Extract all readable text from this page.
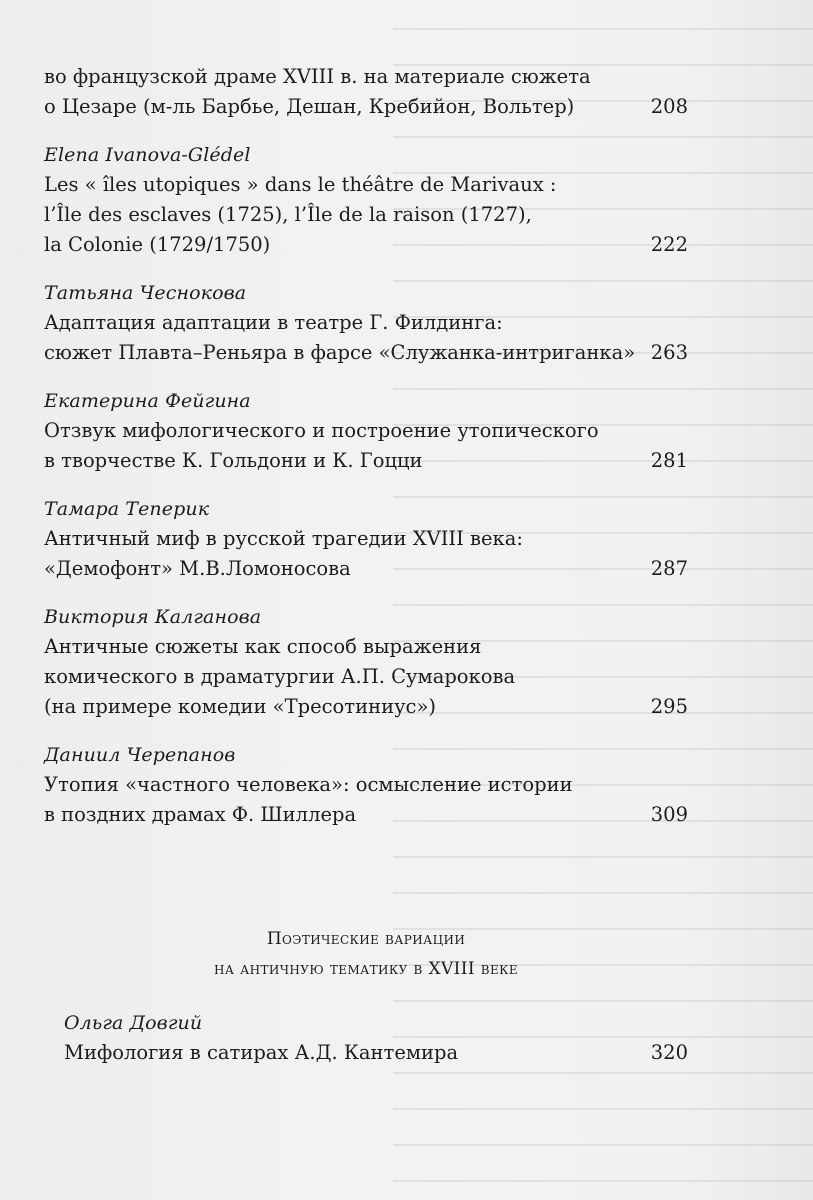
во французской драме XVIII в. на материале сюжета
о Цезаре (м-ль Барбье, Дешан, Кребийон, Вольтер)	208
Elena Ivanova-Glédel
Les « îles utopiques » dans le théâtre de Marivaux :
l’Île des esclaves (1725), l’Île de la raison (1727),
la Colonie (1729/1750)	222
Татьяна Чеснокова
Адаптация адаптации в театре Г. Филдинга:
сюжет Плавта–Реньяра в фарсе «Служанка-интриганка» 263
Екатерина Фейгина
Отзвук мифологического и построение утопического
в творчестве К. Гольдони и К. Гоцци	281
Тамара Теперик
Античный миф в русской трагедии XVIII века:
«Демофонт» М.В.Ломоносова	287
Виктория Калганова
Античные сюжеты как способ выражения
комического в драматургии А.П. Сумарокова
(на примере комедии «Тресотиниус»)	295
Даниил Черепанов
Утопия «частного человека»: осмысление истории
в поздних драмах Ф. Шиллера	309
Поэтические вариации
на античную тематику в XVIII веке
Ольга Довгий
Мифология в сатирах А.Д. Кантемира	320
